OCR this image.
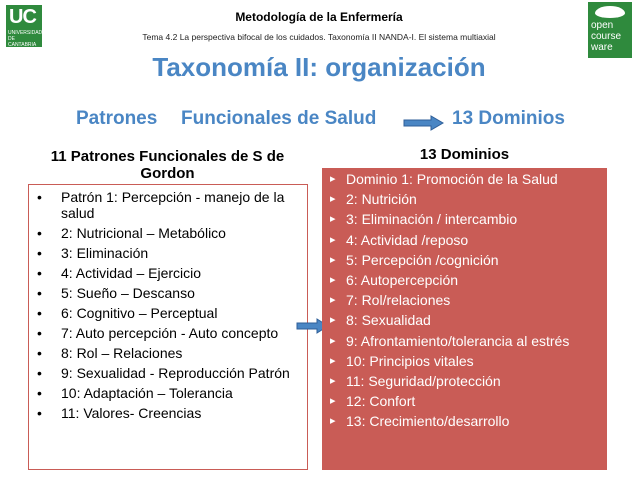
UC
UNIVERSIDAD DE CANTABRIA
open
course
ware
Metodología de la Enfermería
Tema 4.2 La perspectiva bifocal de los cuidados. Taxonomía II NANDA-I. El sistema multiaxial
Taxonomía II: organización
Patrones Funcionales de Salud	13 Dominios
11 Patrones Funcionales de S de Gordon
• Patrón 1: Percepción - manejo de la salud
• 2: Nutricional – Metabólico
• 3: Eliminación
• 4: Actividad – Ejercicio
• 5: Sueño – Descanso
• 6: Cognitivo – Perceptual
• 7: Auto percepción - Auto concepto
• 8: Rol – Relaciones
• 9: Sexualidad - Reproducción Patrón
• 10: Adaptación – Tolerancia
• 11: Valores- Creencias
13 Dominios
▸ Dominio 1: Promoción de la Salud
▸ 2: Nutrición
▸ 3: Eliminación / intercambio
▸ 4: Actividad /reposo
▸ 5: Percepción /cognición
▸ 6: Autopercepción
▸ 7: Rol/relaciones
▸ 8: Sexualidad
▸ 9: Afrontamiento/tolerancia al estrés
▸ 10: Principios vitales
▸ 11: Seguridad/protección
▸ 12: Confort
▸ 13: Crecimiento/desarrollo
